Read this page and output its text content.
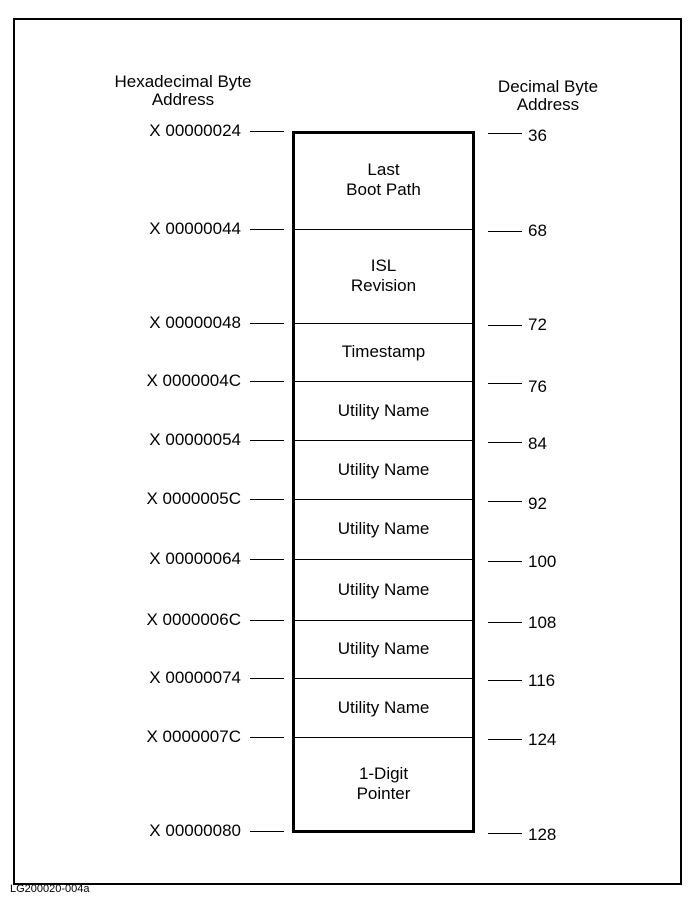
Hexadecimal Byte
Address
Decimal Byte
Address
Last
Boot Path
ISL
Revision
Timestamp
Utility Name
Utility Name
Utility Name
Utility Name
Utility Name
Utility Name
1-Digit
Pointer
LG200020-004a
X 00000024	36
X 00000044	68
X 00000048	72
X 0000004C	76
X 00000054	84
X 0000005C	92
X 00000064	100
X 0000006C	108
X 00000074	116
X 0000007C	124
X 00000080	128
